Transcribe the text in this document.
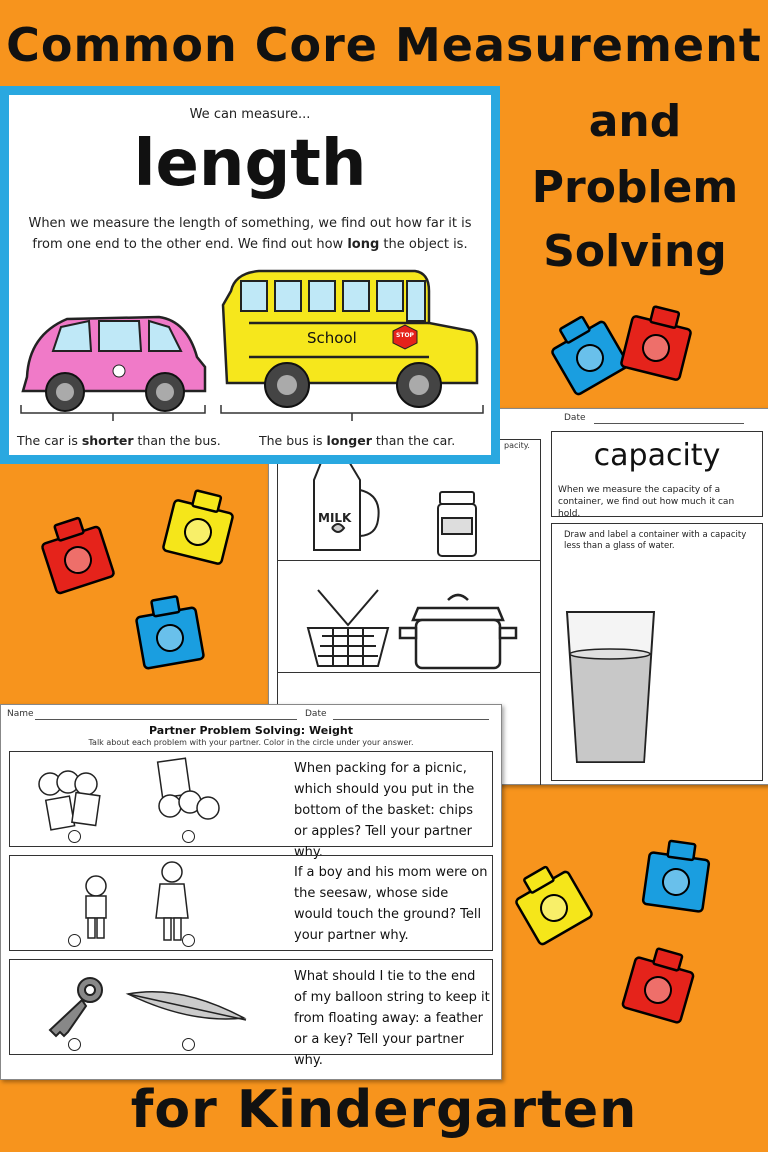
Common Core Measurement
and
Problem
Solving
for Kindergarten
Date
pacity.
MILK
capacity
When we measure the capacity of a container, we find out how much it can hold.
Draw and label a container with a capacity less than a glass of water.
We can measure...
length
When we measure the length of something, we find out how far it is from one end to the other end. We find out how long the object is.
School	STOP
The car is shorter than the bus.	The bus is longer than the car.
Name	Date
Partner Problem Solving: Weight
Talk about each problem with your partner. Color in the circle under your answer.
When packing for a picnic, which should you put in the bottom of the basket: chips or apples? Tell your partner why.
If a boy and his mom were on the seesaw, whose side would touch the ground? Tell your partner why.
What should I tie to the end of my balloon string to keep it from floating away: a feather or a key? Tell your partner why.
